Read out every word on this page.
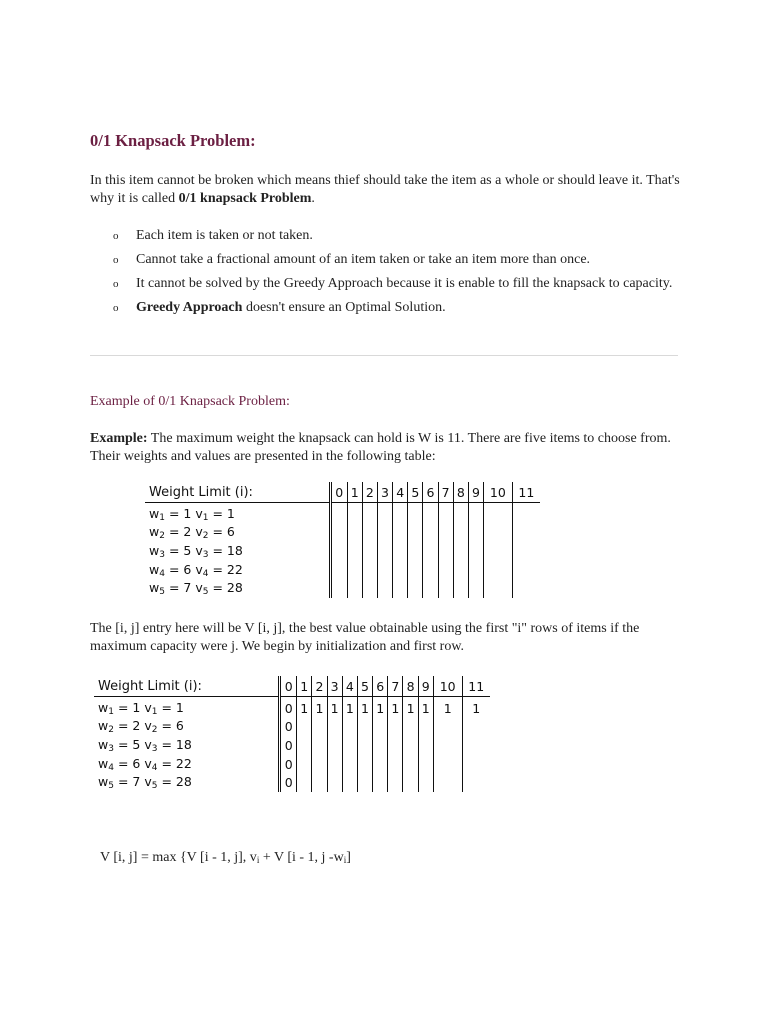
0/1 Knapsack Problem:

In this item cannot be broken which means thief should take the item as a whole or should leave it. That's why it is called 0/1 knapsack Problem.

o Each item is taken or not taken.
o Cannot take a fractional amount of an item taken or take an item more than once.
o It cannot be solved by the Greedy Approach because it is enable to fill the knapsack to capacity.
o Greedy Approach doesn't ensure an Optimal Solution.
Example of 0/1 Knapsack Problem:

Example: The maximum weight the knapsack can hold is W is 11. There are five items to choose from. Their weights and values are presented in the following table:

Weight Limit (i):	0	1	2	3	4	5	6	7	8	9	10	11
$w_1 = 1$ $v_1 = 1$												
$w_2 = 2$ $v_2 = 6$												
$w_3 = 5$ $v_3 = 18$												
$w_4 = 6$ $v_4 = 22$												
$w_5 = 7$ $v_5 = 28$												

The [i, j] entry here will be V [i, j], the best value obtainable using the first "i" rows of items if the maximum capacity were j. We begin by initialization and first row.

Weight Limit (i):	0	1	2	3	4	5	6	7	8	9	10	11
$w_1 = 1$ $v_1 = 1$	0	1	1	1	1	1	1	1	1	1	1	1
$w_2 = 2$ $v_2 = 6$	0											
$w_3 = 5$ $v_3 = 18$	0											
$w_4 = 6$ $v_4 = 22$	0											
$w_5 = 7$ $v_5 = 28$	0											

V [i, j] = max {V [i - 1, j], $v_i + V$ [i - 1, j $-w_i$]
